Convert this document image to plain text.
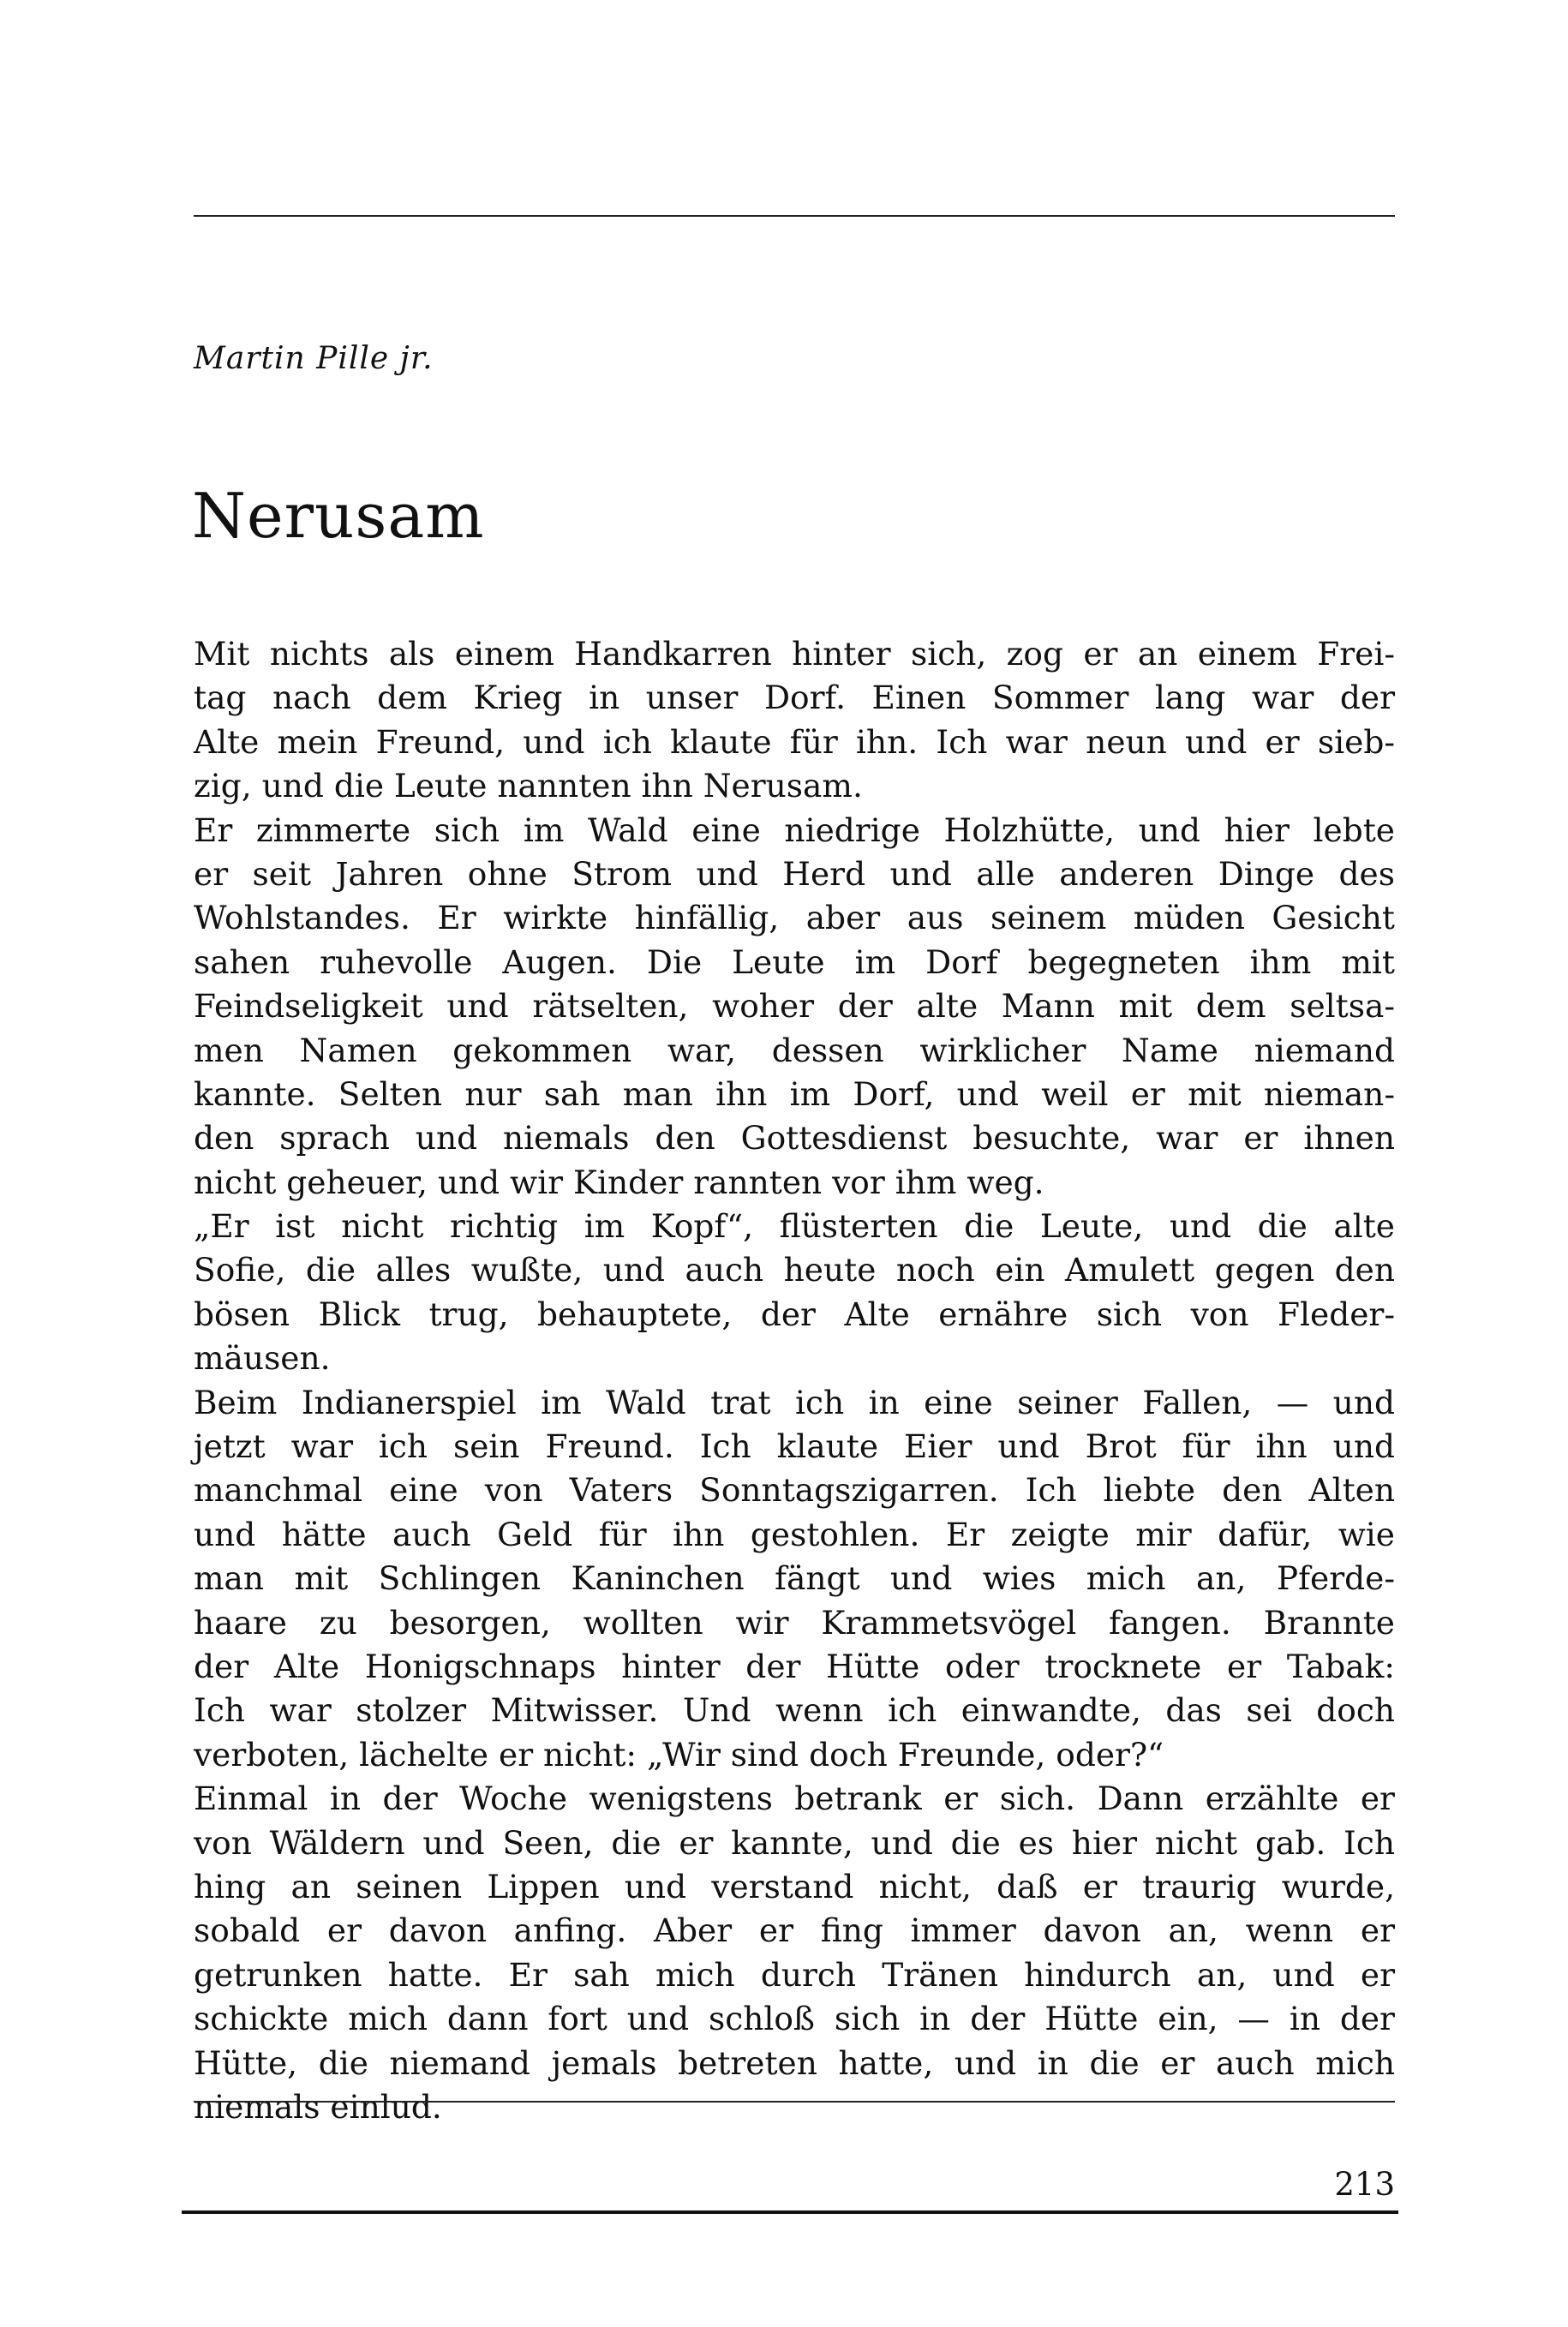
Martin Pille jr.
Nerusam
Mit nichts als einem Handkarren hinter sich, zog er an einem Frei-
tag nach dem Krieg in unser Dorf. Einen Sommer lang war der
Alte mein Freund, und ich klaute für ihn. Ich war neun und er sieb-
zig, und die Leute nannten ihn Nerusam.
Er zimmerte sich im Wald eine niedrige Holzhütte, und hier lebte
er seit Jahren ohne Strom und Herd und alle anderen Dinge des
Wohlstandes. Er wirkte hinfällig, aber aus seinem müden Gesicht
sahen ruhevolle Augen. Die Leute im Dorf begegneten ihm mit
Feindseligkeit und rätselten, woher der alte Mann mit dem seltsa-
men Namen gekommen war, dessen wirklicher Name niemand
kannte. Selten nur sah man ihn im Dorf, und weil er mit nieman-
den sprach und niemals den Gottesdienst besuchte, war er ihnen
nicht geheuer, und wir Kinder rannten vor ihm weg.
„Er ist nicht richtig im Kopf“, flüsterten die Leute, und die alte
Sofie, die alles wußte, und auch heute noch ein Amulett gegen den
bösen Blick trug, behauptete, der Alte ernähre sich von Fleder-
mäusen.
Beim Indianerspiel im Wald trat ich in eine seiner Fallen, — und
jetzt war ich sein Freund. Ich klaute Eier und Brot für ihn und
manchmal eine von Vaters Sonntagszigarren. Ich liebte den Alten
und hätte auch Geld für ihn gestohlen. Er zeigte mir dafür, wie
man mit Schlingen Kaninchen fängt und wies mich an, Pferde-
haare zu besorgen, wollten wir Krammetsvögel fangen. Brannte
der Alte Honigschnaps hinter der Hütte oder trocknete er Tabak:
Ich war stolzer Mitwisser. Und wenn ich einwandte, das sei doch
verboten, lächelte er nicht: „Wir sind doch Freunde, oder?“
Einmal in der Woche wenigstens betrank er sich. Dann erzählte er
von Wäldern und Seen, die er kannte, und die es hier nicht gab. Ich
hing an seinen Lippen und verstand nicht, daß er traurig wurde,
sobald er davon anfing. Aber er fing immer davon an, wenn er
getrunken hatte. Er sah mich durch Tränen hindurch an, und er
schickte mich dann fort und schloß sich in der Hütte ein, — in der
Hütte, die niemand jemals betreten hatte, und in die er auch mich
niemals einlud.
213
